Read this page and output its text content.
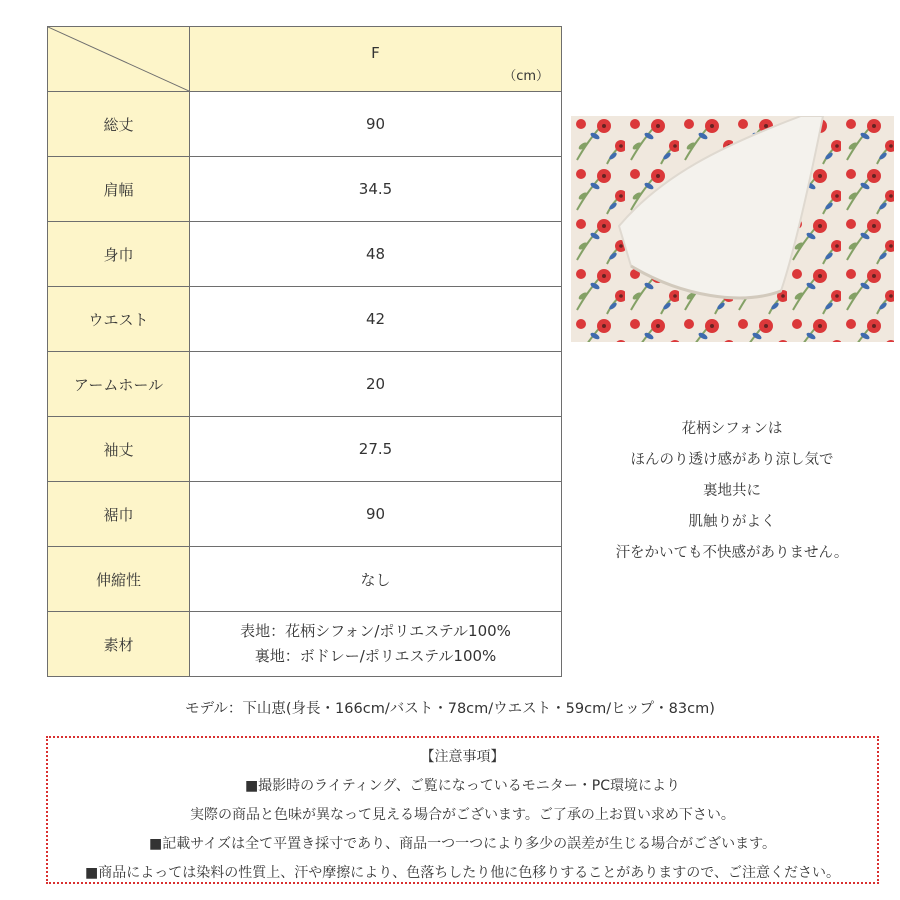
	F
（cm）

総丈	90
肩幅	34.5
身巾	48
ウエスト	42
アームホール	20
袖丈	27.5
裾巾	90
伸縮性	なし
素材	表地：花柄シフォン/ポリエステル100%
裏地：ボドレー/ポリエステル100%
花柄シフォンは
ほんのり透け感があり涼し気で
裏地共に
肌触りがよく
汗をかいても不快感がありません。
モデル：下山恵(身長・166cm/バスト・78cm/ウエスト・59cm/ヒップ・83cm)
【注意事項】
■撮影時のライティング、ご覧になっているモニター・PC環境により
実際の商品と色味が異なって見える場合がございます。ご了承の上お買い求め下さい。
■記載サイズは全て平置き採寸であり、商品一つ一つにより多少の誤差が生じる場合がございます。
■商品によっては染料の性質上、汗や摩擦により、色落ちしたり他に色移りすることがありますので、ご注意ください。
